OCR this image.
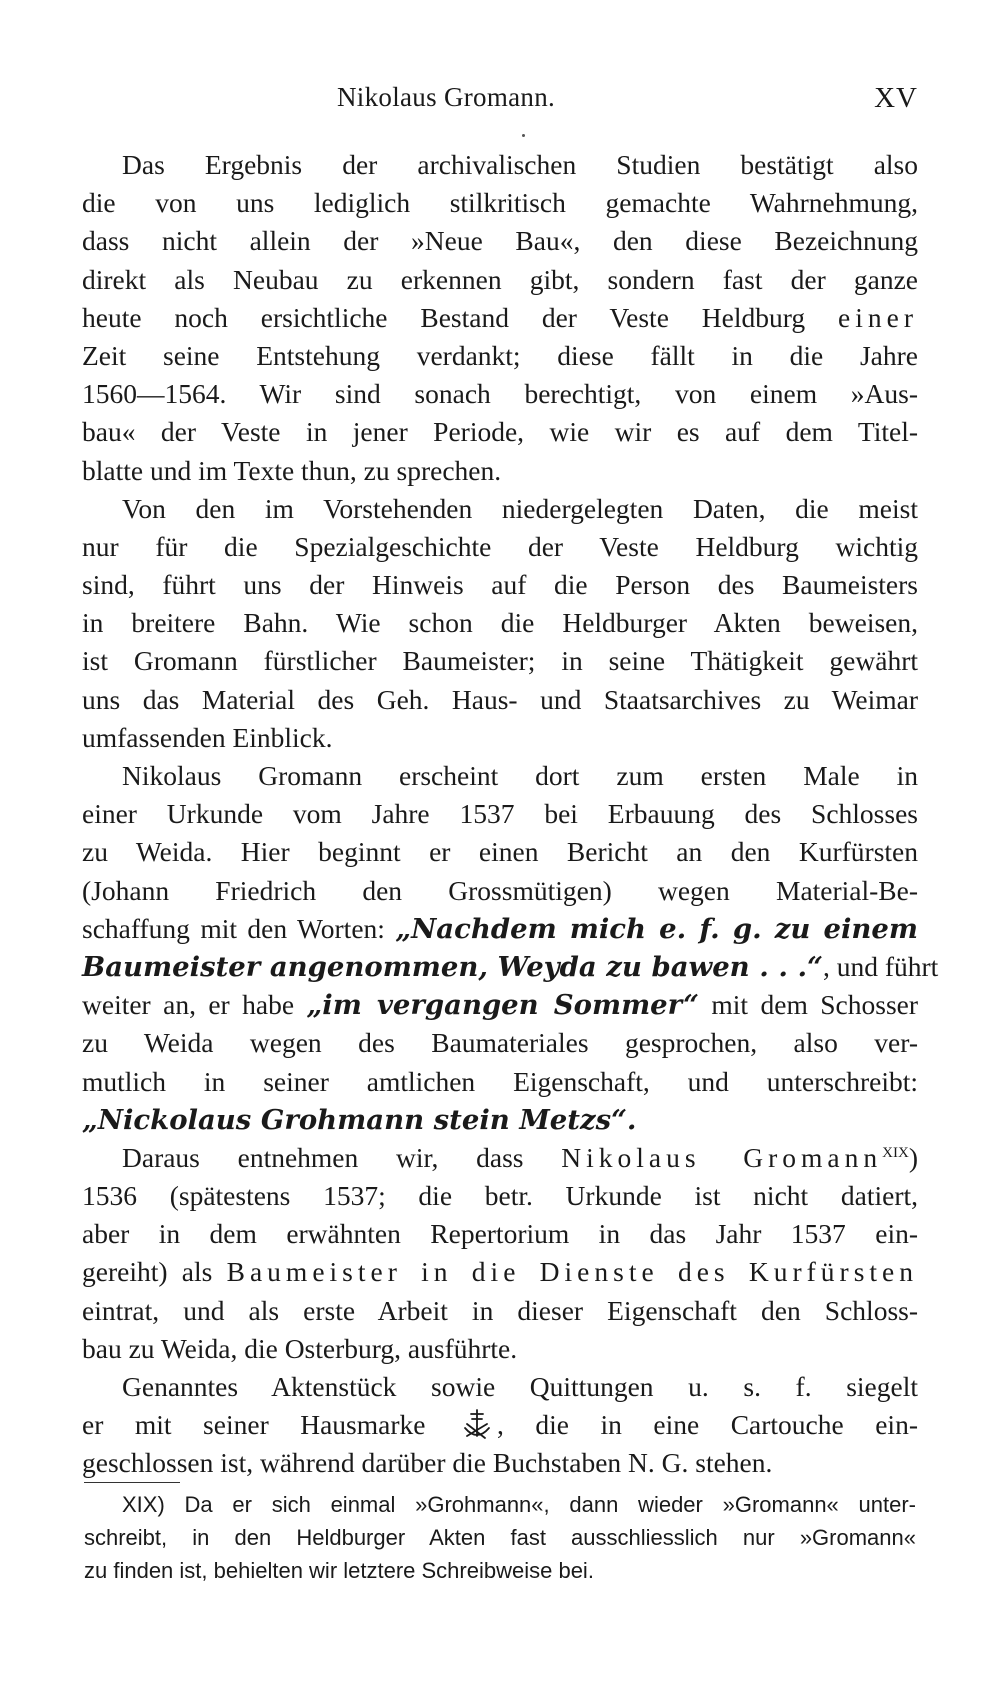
Nikolaus Gromann.	XV
Das Ergebnis der archivalischen Studien bestätigt also
die von uns lediglich stilkritisch gemachte Wahrnehmung,
dass nicht allein der »Neue Bau«, den diese Bezeichnung
direkt als Neubau zu erkennen gibt, sondern fast der ganze
heute noch ersichtliche Bestand der Veste Heldburg einer
Zeit seine Entstehung verdankt; diese fällt in die Jahre
1560—1564. Wir sind sonach berechtigt, von einem »Aus-
bau« der Veste in jener Periode, wie wir es auf dem Titel-
blatte und im Texte thun, zu sprechen.
Von den im Vorstehenden niedergelegten Daten, die meist
nur für die Spezialgeschichte der Veste Heldburg wichtig
sind, führt uns der Hinweis auf die Person des Baumeisters
in breitere Bahn. Wie schon die Heldburger Akten beweisen,
ist Gromann fürstlicher Baumeister; in seine Thätigkeit gewährt
uns das Material des Geh. Haus- und Staatsarchives zu Weimar
umfassenden Einblick.
Nikolaus Gromann erscheint dort zum ersten Male in
einer Urkunde vom Jahre 1537 bei Erbauung des Schlosses
zu Weida. Hier beginnt er einen Bericht an den Kurfürsten
(Johann Friedrich den Grossmütigen) wegen Material-Be-
schaffung mit den Worten: „Nachdem mich e. f. g. zu einem
Baumeister angenommen, Weyda zu bawen . . .“, und führt
weiter an, er habe „im vergangen Sommer“ mit dem Schosser
zu Weida wegen des Baumateriales gesprochen, also ver-
mutlich in seiner amtlichen Eigenschaft, und unterschreibt:
„Nickolaus Grohmann stein Metzs“.
Daraus entnehmen wir, dass Nikolaus Gromann$^{XIX}$)
1536 (spätestens 1537; die betr. Urkunde ist nicht datiert,
aber in dem erwähnten Repertorium in das Jahr 1537 ein-
gereiht) als Baumeister in die Dienste des Kurfürsten
eintrat, und als erste Arbeit in dieser Eigenschaft den Schloss-
bau zu Weida, die Osterburg, ausführte.
Genanntes Aktenstück sowie Quittungen u. s. f. siegelt
er mit seiner Hausmarke	, die in eine Cartouche ein-
geschlossen ist, während darüber die Buchstaben N. G. stehen.
XIX) Da er sich einmal »Grohmann«, dann wieder »Gromann« unter-
schreibt, in den Heldburger Akten fast ausschliesslich nur »Gromann«
zu finden ist, behielten wir letztere Schreibweise bei.
